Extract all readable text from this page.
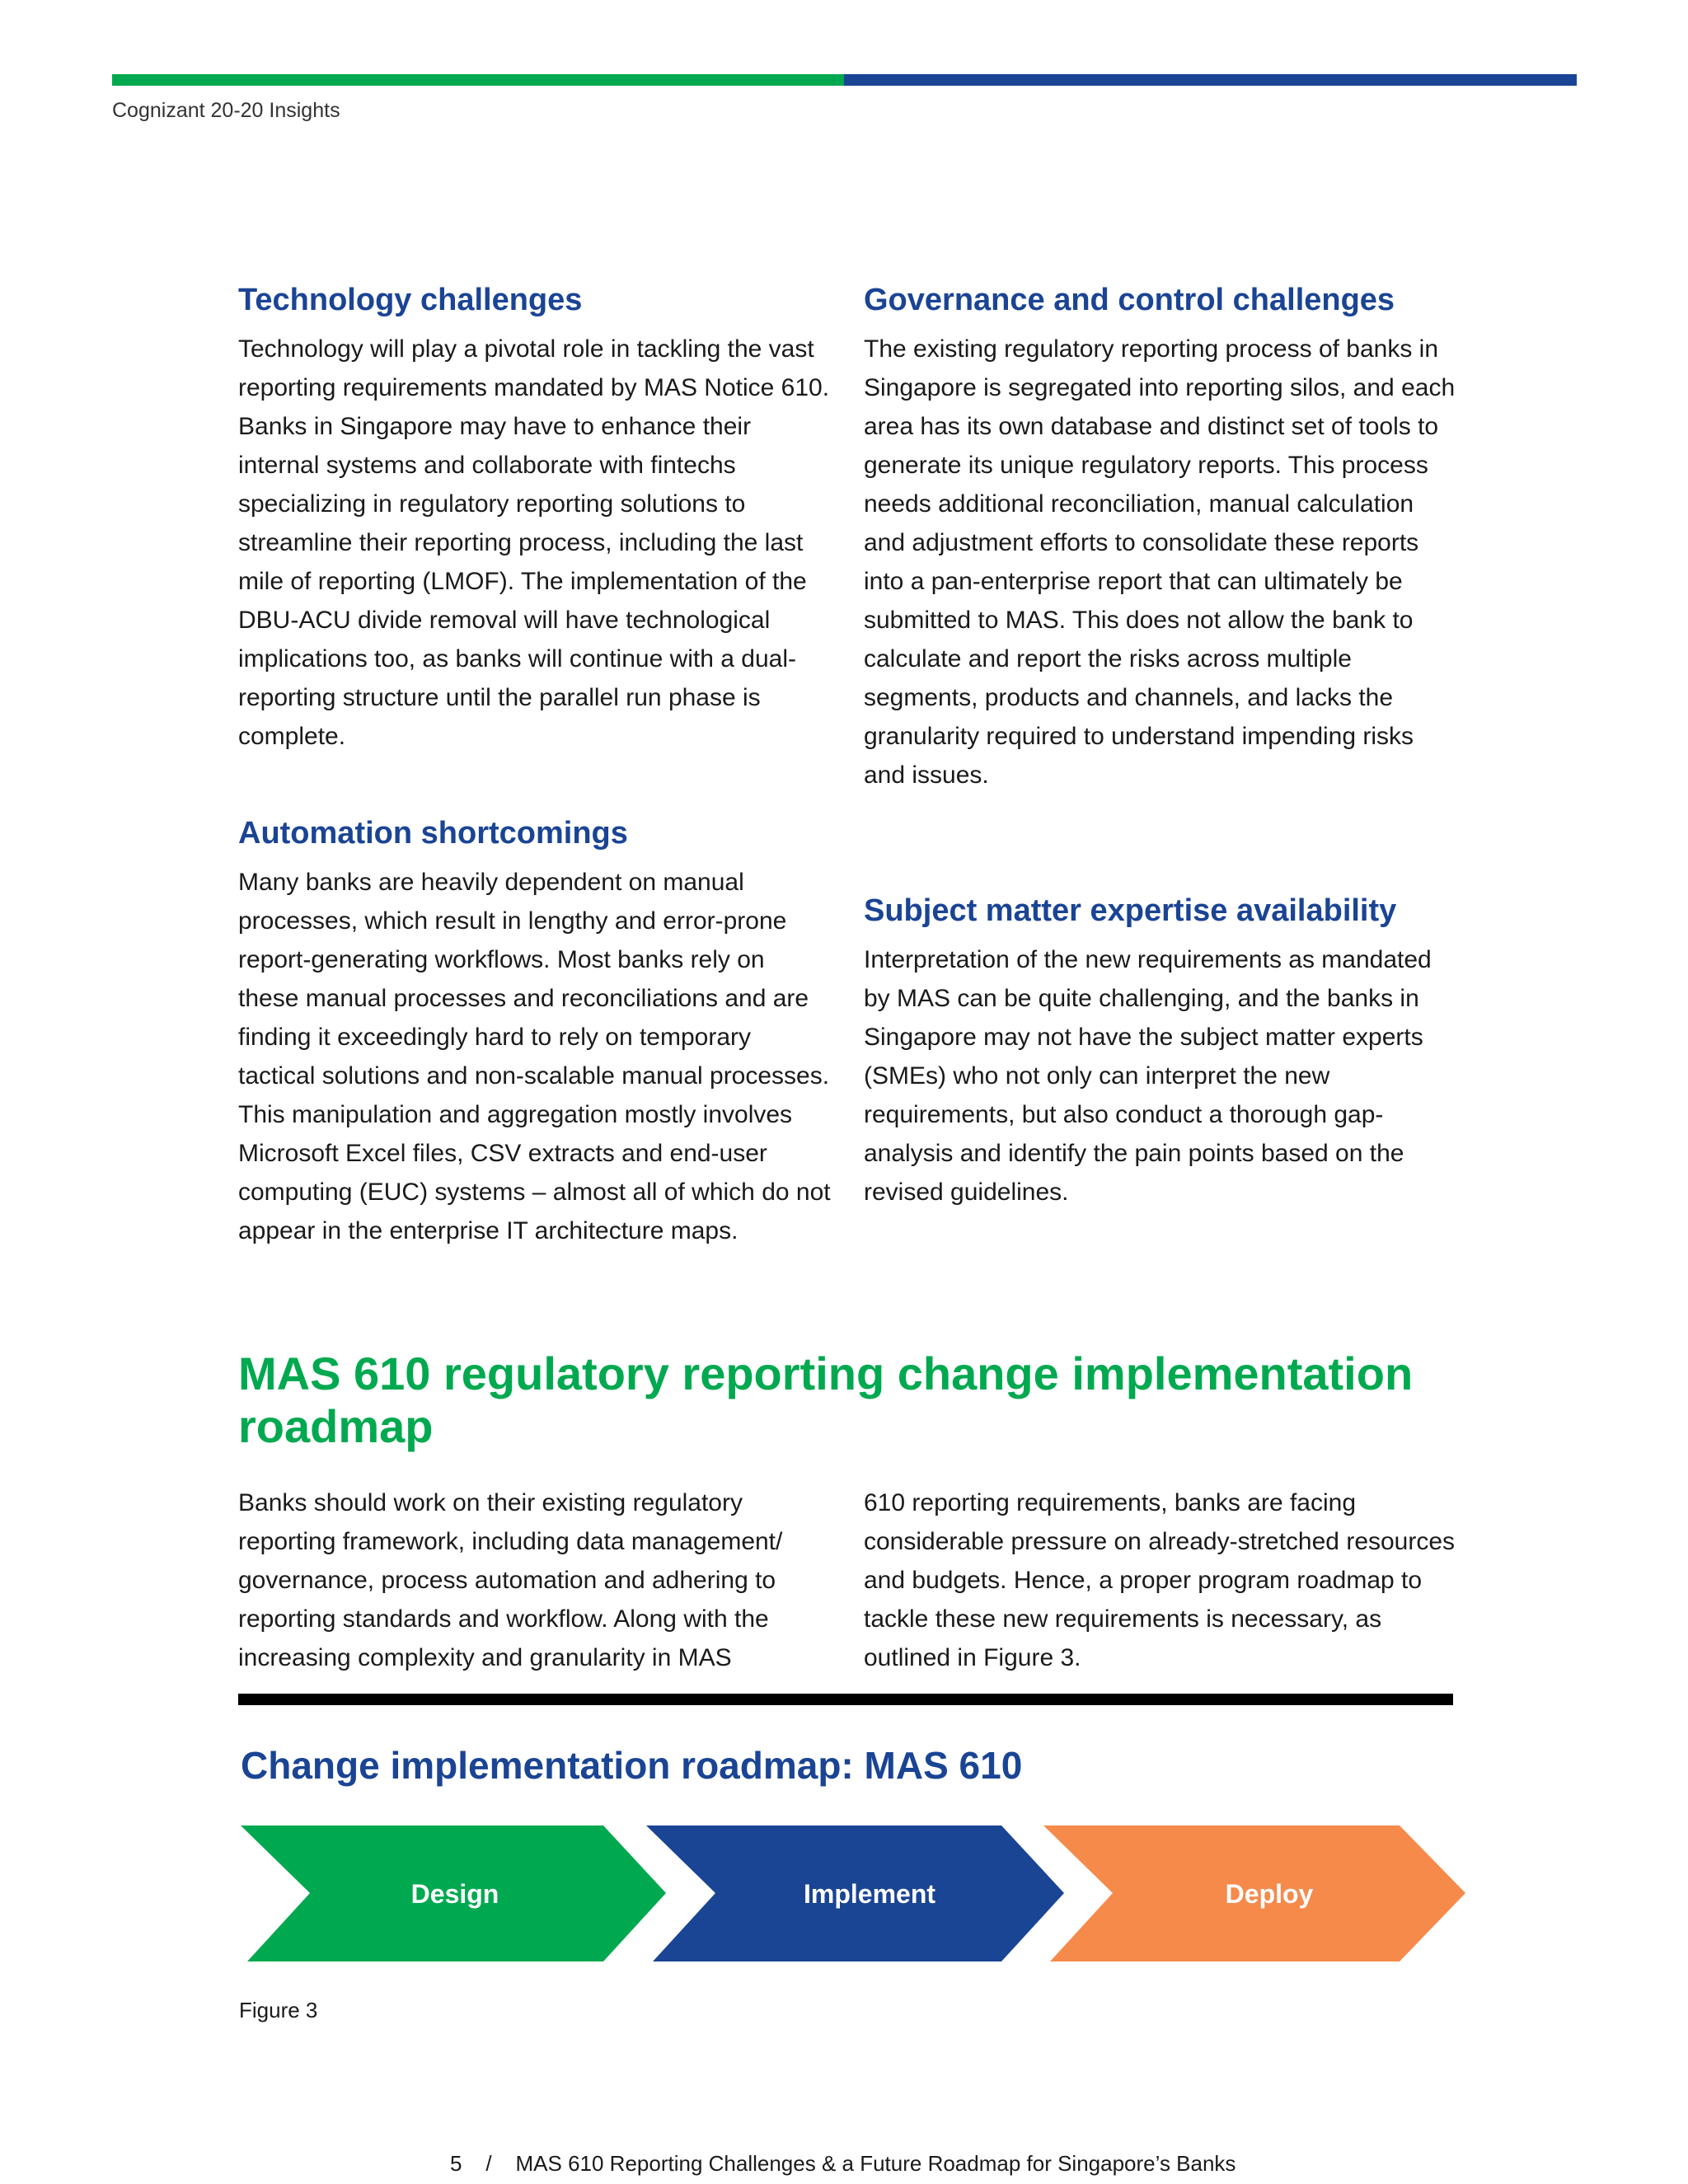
Cognizant 20-20 Insights
Technology challenges

Technology will play a pivotal role in tackling the vast reporting requirements mandated by MAS Notice 610. Banks in Singapore may have to enhance their internal systems and collaborate with fintechs specializing in regulatory reporting solutions to streamline their reporting process, including the last mile of reporting (LMOF). The implementation of the DBU-ACU divide removal will have technological implications too, as banks will continue with a dual-reporting structure until the parallel run phase is complete.

Automation shortcomings

Many banks are heavily dependent on manual processes, which result in lengthy and error-prone report-generating workflows. Most banks rely on these manual processes and reconciliations and are finding it exceedingly hard to rely on temporary tactical solutions and non-scalable manual processes. This manipulation and aggregation mostly involves Microsoft Excel files, CSV extracts and end-user computing (EUC) systems – almost all of which do not appear in the enterprise IT architecture maps.

Governance and control challenges

The existing regulatory reporting process of banks in Singapore is segregated into reporting silos, and each area has its own database and distinct set of tools to generate its unique regulatory reports. This process needs additional reconciliation, manual calculation and adjustment efforts to consolidate these reports into a pan-enterprise report that can ultimately be submitted to MAS. This does not allow the bank to calculate and report the risks across multiple segments, products and channels, and lacks the granularity required to understand impending risks and issues.

Subject matter expertise availability

Interpretation of the new requirements as mandated by MAS can be quite challenging, and the banks in Singapore may not have the subject matter experts (SMEs) who not only can interpret the new requirements, but also conduct a thorough gap-analysis and identify the pain points based on the revised guidelines.

MAS 610 regulatory reporting change implementation roadmap

Banks should work on their existing regulatory reporting framework, including data management/ governance, process automation and adhering to reporting standards and workflow. Along with the increasing complexity and granularity in MAS

610 reporting requirements, banks are facing considerable pressure on already-stretched resources and budgets. Hence, a proper program roadmap to tackle these new requirements is necessary, as outlined in Figure 3.

Change implementation roadmap: MAS 610
Design	Implement	Deploy
Figure 3
5 / MAS 610 Reporting Challenges & a Future Roadmap for Singapore’s Banks
